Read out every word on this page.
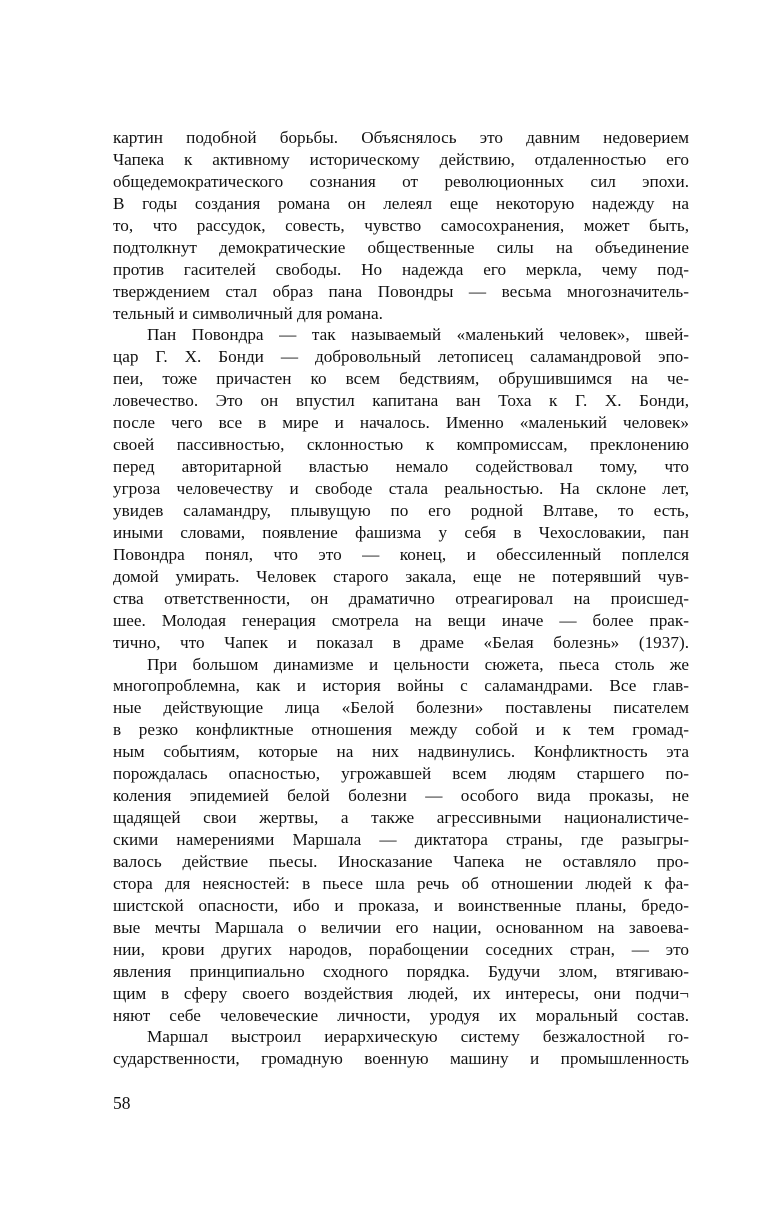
картин подобной борьбы. Объяснялось это давним недоверием
Чапека к активному историческому действию, отдаленностью его
общедемократического сознания от революционных сил эпохи.
В годы создания романа он лелеял еще некоторую надежду на
то, что рассудок, совесть, чувство самосохранения, может быть,
подтолкнут демократические общественные силы на объединение
против гасителей свободы. Но надежда его меркла, чему под-
тверждением стал образ пана Повондры — весьма многозначитель-
тельный и символичный для романа.
Пан Повондра — так называемый «маленький человек», швей-
цар Г. Х. Бонди — добровольный летописец саламандровой эпо-
пеи, тоже причастен ко всем бедствиям, обрушившимся на че-
ловечество. Это он впустил капитана ван Тоха к Г. Х. Бонди,
после чего все в мире и началось. Именно «маленький человек»
своей пассивностью, склонностью к компромиссам, преклонению
перед авторитарной властью немало содействовал тому, что
угроза человечеству и свободе стала реальностью. На склоне лет,
увидев саламандру, плывущую по его родной Влтаве, то есть,
иными словами, появление фашизма у себя в Чехословакии, пан
Повондра понял, что это — конец, и обессиленный поплелся
домой умирать. Человек старого закала, еще не потерявший чув-
ства ответственности, он драматично отреагировал на происшед-
шее. Молодая генерация смотрела на вещи иначе — более прак-
тично, что Чапек и показал в драме «Белая болезнь» (1937).
При большом динамизме и цельности сюжета, пьеса столь же
многопроблемна, как и история войны с саламандрами. Все глав-
ные действующие лица «Белой болезни» поставлены писателем
в резко конфликтные отношения между собой и к тем громад-
ным событиям, которые на них надвинулись. Конфликтность эта
порождалась опасностью, угрожавшей всем людям старшего по-
коления эпидемией белой болезни — особого вида проказы, не
щадящей свои жертвы, а также агрессивными националистиче-
скими намерениями Маршала — диктатора страны, где разыгры-
валось действие пьесы. Иносказание Чапека не оставляло про-
стора для неясностей: в пьесе шла речь об отношении людей к фа-
шистской опасности, ибо и проказа, и воинственные планы, бредо-
вые мечты Маршала о величии его нации, основанном на завоева-
нии, крови других народов, порабощении соседних стран, — это
явления принципиально сходного порядка. Будучи злом, втягиваю-
щим в сферу своего воздействия людей, их интересы, они подчи¬
няют себе человеческие личности, уродуя их моральный состав.
Маршал выстроил иерархическую систему безжалостной го-
сударственности, громадную военную машину и промышленность
58
